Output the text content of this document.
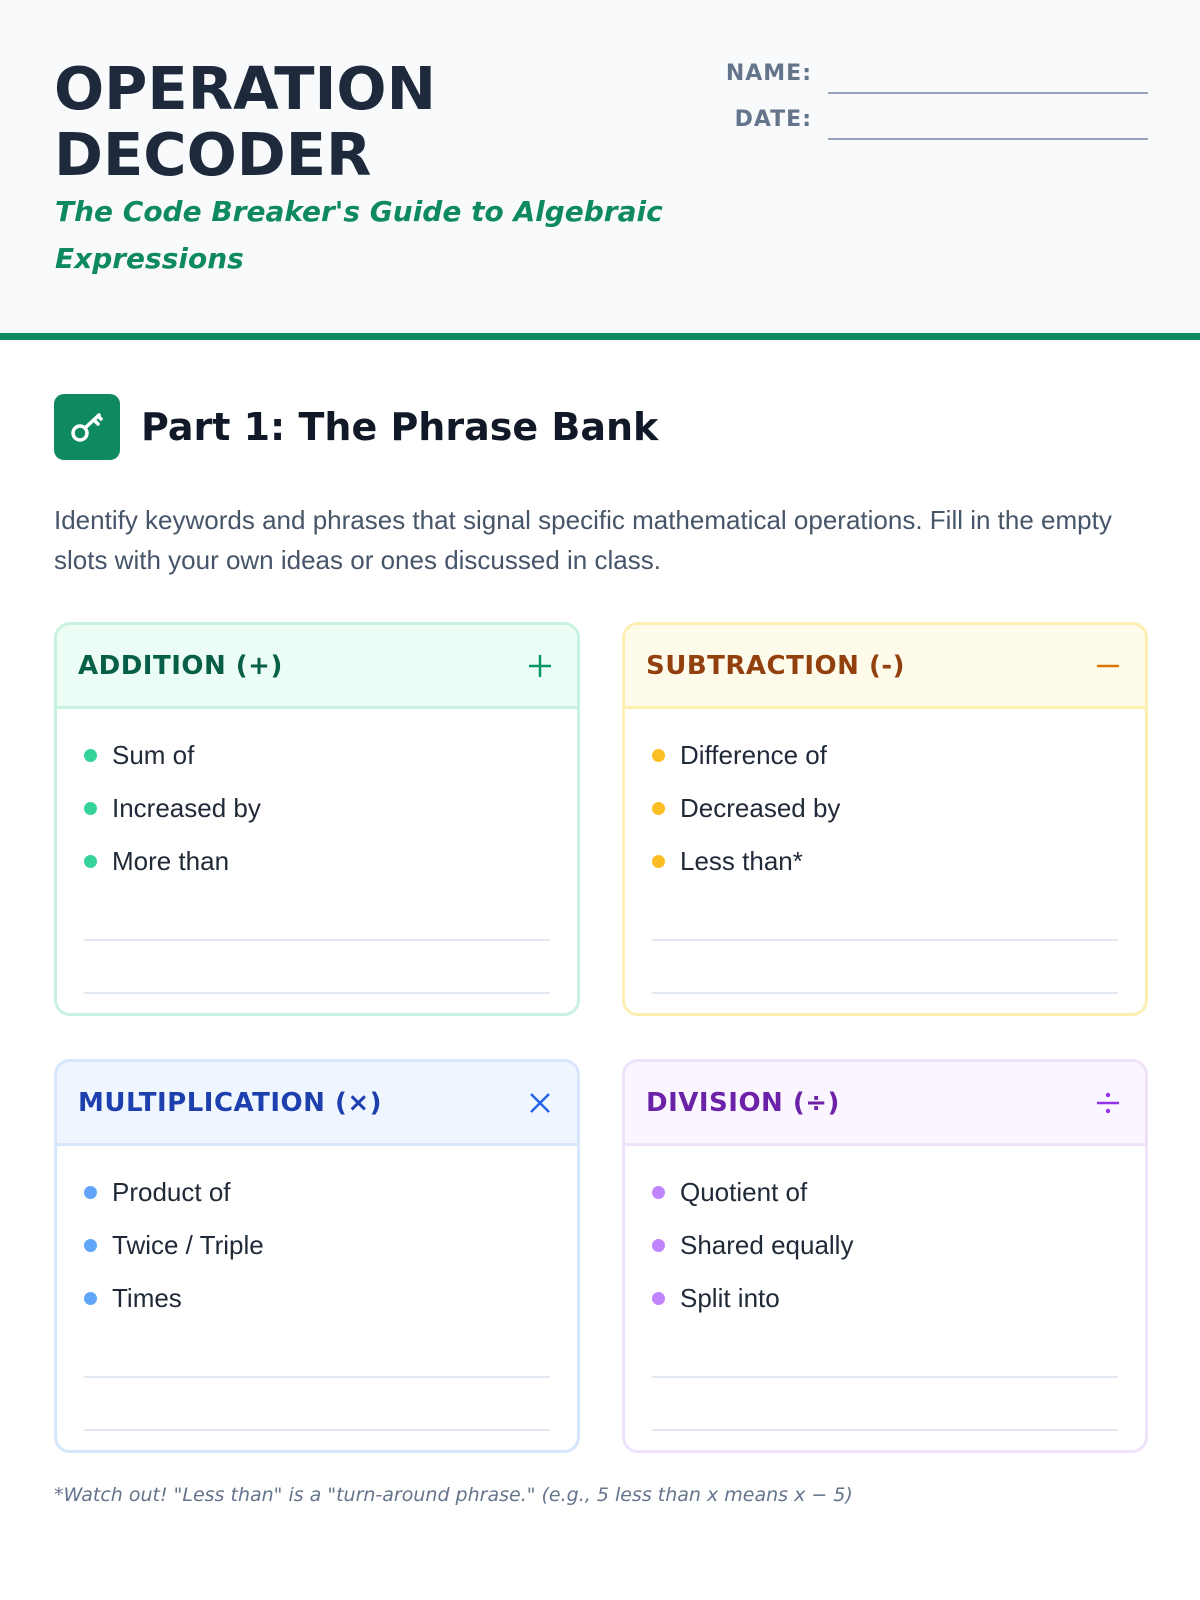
OPERATION
DECODER
The Code Breaker's Guide to Algebraic Expressions
NAME:
DATE:
Part 1: The Phrase Bank
Identify keywords and phrases that signal specific mathematical operations. Fill in the empty slots with your own ideas or ones discussed in class.
ADDITION (+)
Sum of
Increased by
More than
SUBTRACTION (-)
Difference of
Decreased by
Less than*
MULTIPLICATION (×)
Product of
Twice / Triple
Times
DIVISION (÷)
Quotient of
Shared equally
Split into
*Watch out! "Less than" is a "turn-around phrase." (e.g., 5 less than x means x − 5)
